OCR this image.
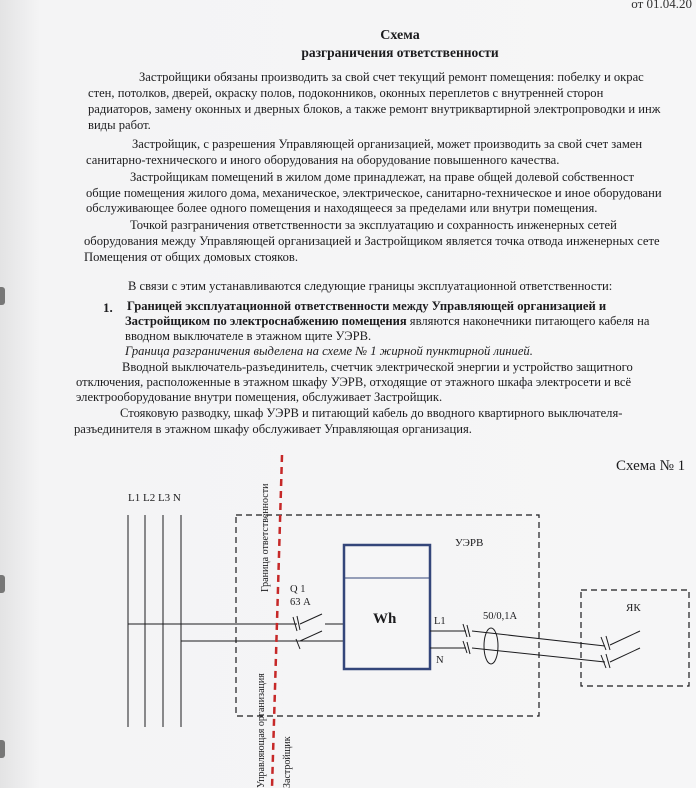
от 01.04.20
Схема
разграничения ответственности
Застройщики обязаны производить за свой счет текущий ремонт помещения: побелку и окрас
стен, потолков, дверей, окраску полов, подоконников, оконных переплетов с внутренней сторон
радиаторов, замену оконных и дверных блоков, а также ремонт внутриквартирной электропроводки и инж
виды работ.
Застройщик, с разрешения Управляющей организацией, может производить за свой счет замен
санитарно-технического и иного оборудования на оборудование повышенного качества.
Застройщикам помещений в жилом доме принадлежат, на праве общей долевой собственност
общие помещения жилого дома, механическое, электрическое, санитарно-техническое и иное оборудовани
обслуживающее более одного помещения и находящееся за пределами или внутри помещения.
Точкой разграничения ответственности за эксплуатацию и сохранность инженерных сетей
оборудования между Управляющей организацией и Застройщиком является точка отвода инженерных сете
Помещения от общих домовых стояков.
В связи с этим устанавливаются следующие границы эксплуатационной ответственности:
1. Границей эксплуатационной ответственности между Управляющей организацией и
Застройщиком по электроснабжению помещения являются наконечники питающего кабеля на
вводном выключателе в этажном щите УЭРВ.
Граница разграничения выделена на схеме № 1 жирной пунктирной линией.
Вводной выключатель-разъединитель, счетчик электрической энергии и устройство защитного
отключения, расположенные в этажном шкафу УЭРВ, отходящие от этажного шкафа электросети и всё
электрооборудование внутри помещения, обслуживает Застройщик.
Стояковую разводку, шкаф УЭРВ и питающий кабель до вводного квартирного выключателя-
разъединителя в этажном шкафу обслуживает Управляющая организация.
Схема № 1
L1 L2 L3 N
УЭРВ
Q 1
63 А
Wh	L1
N
50/0,1А
ЯК
Граница ответственности
Управляющая организация Застройщик
